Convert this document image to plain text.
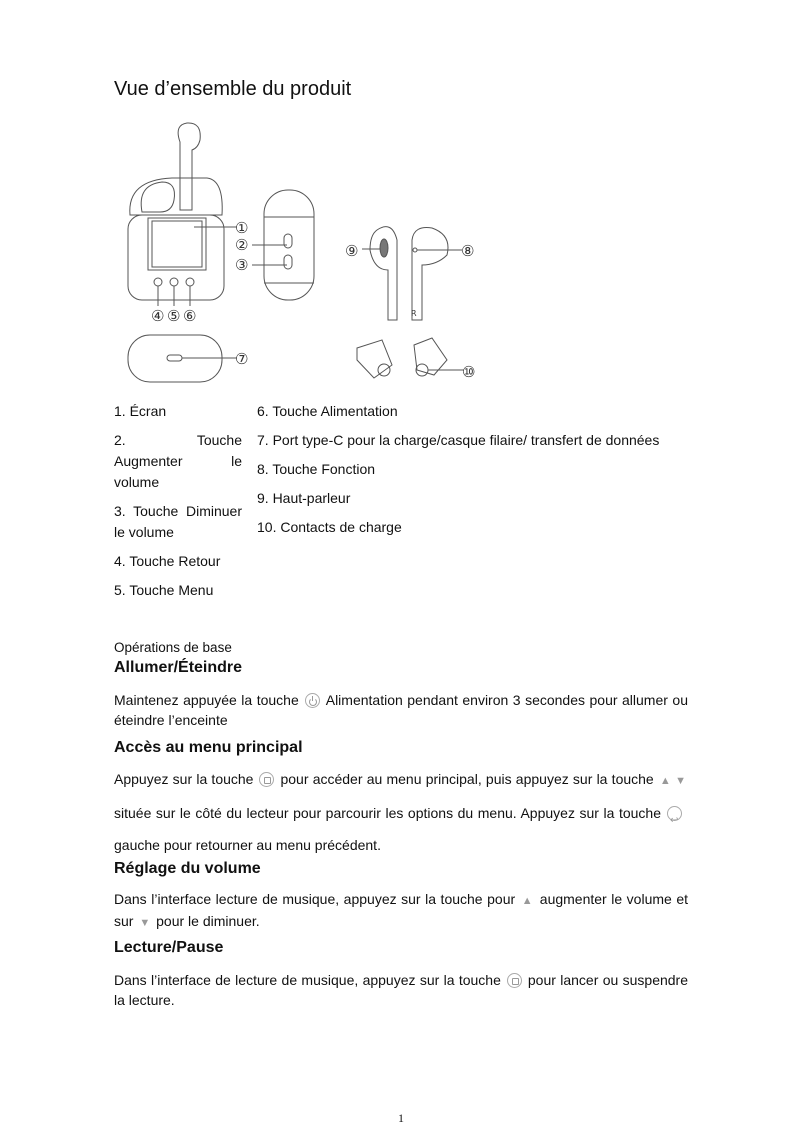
Vue d’ensemble du produit
①
②
③
④ ⑤ ⑥
⑦
⑧
⑨
⑩
R
1. Écran
2. Touche Augmenter le volume
3. Touche Diminuer le volume
4. Touche Retour
5. Touche Menu
6. Touche Alimentation
7. Port type-C pour la charge/casque filaire/ transfert de données
8. Touche Fonction
9. Haut-parleur
10. Contacts de charge
Opérations de base
Allumer/Éteindre
Maintenez appuyée la touche Alimentation pendant environ 3 secondes pour allumer ou éteindre l’enceinte
Accès au menu principal
Appuyez sur la touche pour accéder au menu principal, puis appuyez sur la touche ▲ ▼ située sur le côté du lecteur pour parcourir les options du menu. Appuyez sur la touche↩ gauche pour retourner au menu précédent.
Réglage du volume
Dans l’interface lecture de musique, appuyez sur la touche pour ▲ augmenter le volume et sur ▼ pour le diminuer.
Lecture/Pause
Dans l’interface de lecture de musique, appuyez sur la touche pour lancer ou suspendre la lecture.
1
